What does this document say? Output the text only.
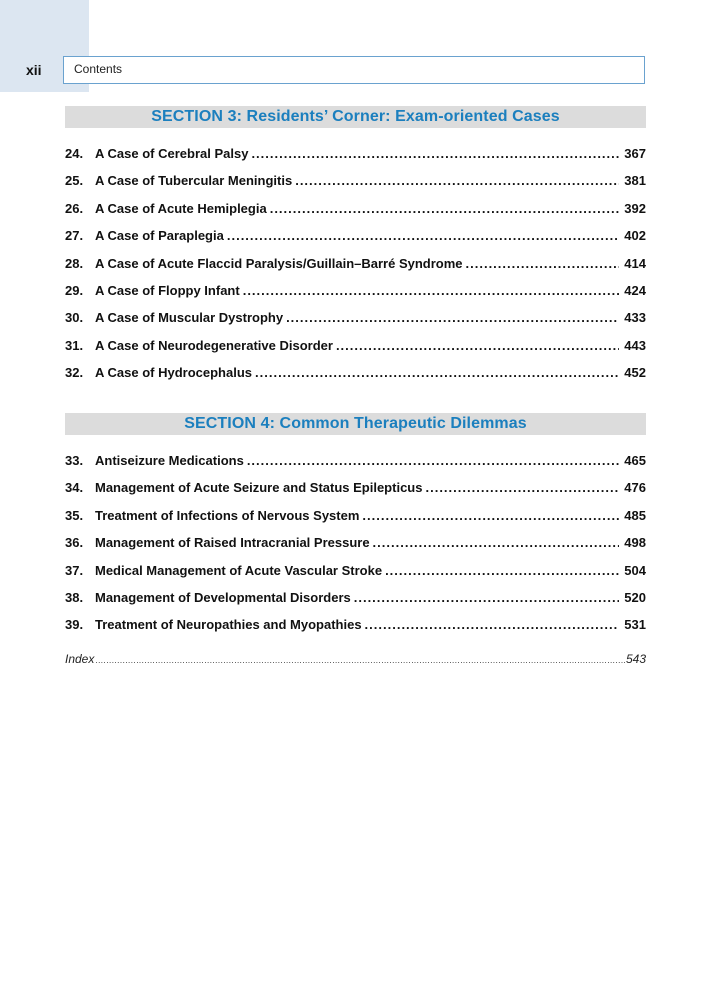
xii	Contents
SECTION 3: Residents’ Corner: Exam-oriented Cases
24. A Case of Cerebral Palsy .....	367
25. A Case of Tubercular Meningitis .....	381
26. A Case of Acute Hemiplegia .....	392
27. A Case of Paraplegia .....	402
28. A Case of Acute Flaccid Paralysis/Guillain–Barré Syndrome .....	414
29. A Case of Floppy Infant .....	424
30. A Case of Muscular Dystrophy .....	433
31. A Case of Neurodegenerative Disorder .....	443
32. A Case of Hydrocephalus .....	452
SECTION 4: Common Therapeutic Dilemmas
33. Antiseizure Medications .....	465
34. Management of Acute Seizure and Status Epilepticus .....	476
35. Treatment of Infections of Nervous System .....	485
36. Management of Raised Intracranial Pressure .....	498
37. Medical Management of Acute Vascular Stroke .....	504
38. Management of Developmental Disorders .....	520
39. Treatment of Neuropathies and Myopathies .....	531
Index .....	543
